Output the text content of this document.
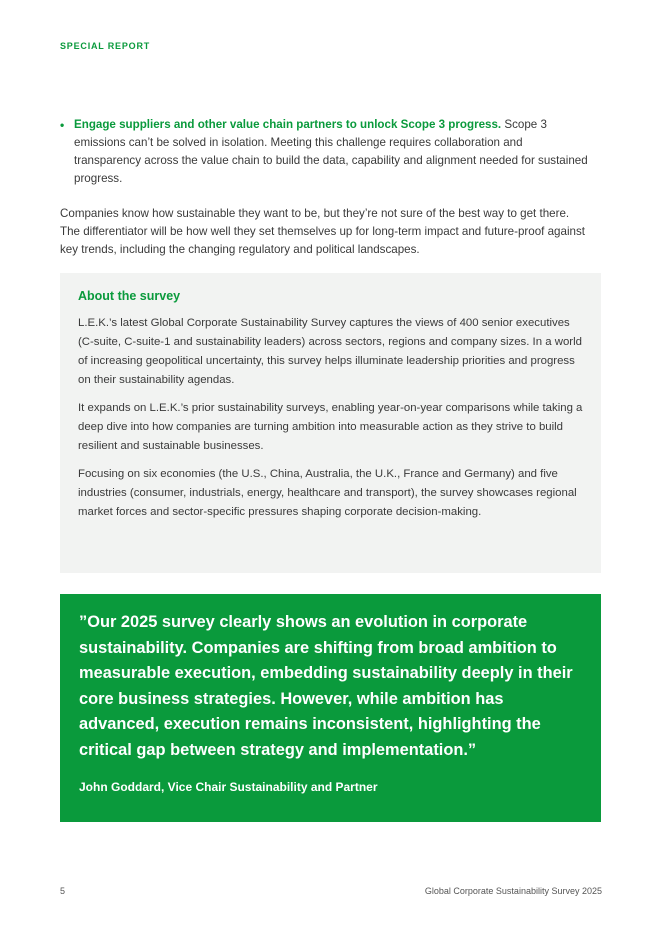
SPECIAL REPORT
• Engage suppliers and other value chain partners to unlock Scope 3 progress. Scope 3 emissions can’t be solved in isolation. Meeting this challenge requires collaboration and transparency across the value chain to build the data, capability and alignment needed for sustained progress.

Companies know how sustainable they want to be, but they’re not sure of the best way to get there. The differentiator will be how well they set themselves up for long-term impact and future-proof against key trends, including the changing regulatory and political landscapes.

About the survey

L.E.K.’s latest Global Corporate Sustainability Survey captures the views of 400 senior executives (C-suite, C-suite-1 and sustainability leaders) across sectors, regions and company sizes. In a world of increasing geopolitical uncertainty, this survey helps illuminate leadership priorities and progress on their sustainability agendas.

It expands on L.E.K.’s prior sustainability surveys, enabling year-on-year comparisons while taking a deep dive into how companies are turning ambition into measurable action as they strive to build resilient and sustainable businesses.

Focusing on six economies (the U.S., China, Australia, the U.K., France and Germany) and five industries (consumer, industrials, energy, healthcare and transport), the survey showcases regional market forces and sector-specific pressures shaping corporate decision-making.

”Our 2025 survey clearly shows an evolution in corporate sustainability. Companies are shifting from broad ambition to measurable execution, embedding sustainability deeply in their core business strategies. However, while ambition has advanced, execution remains inconsistent, highlighting the critical gap between strategy and implementation.”

John Goddard, Vice Chair Sustainability and Partner

5	Global Corporate Sustainability Survey 2025
